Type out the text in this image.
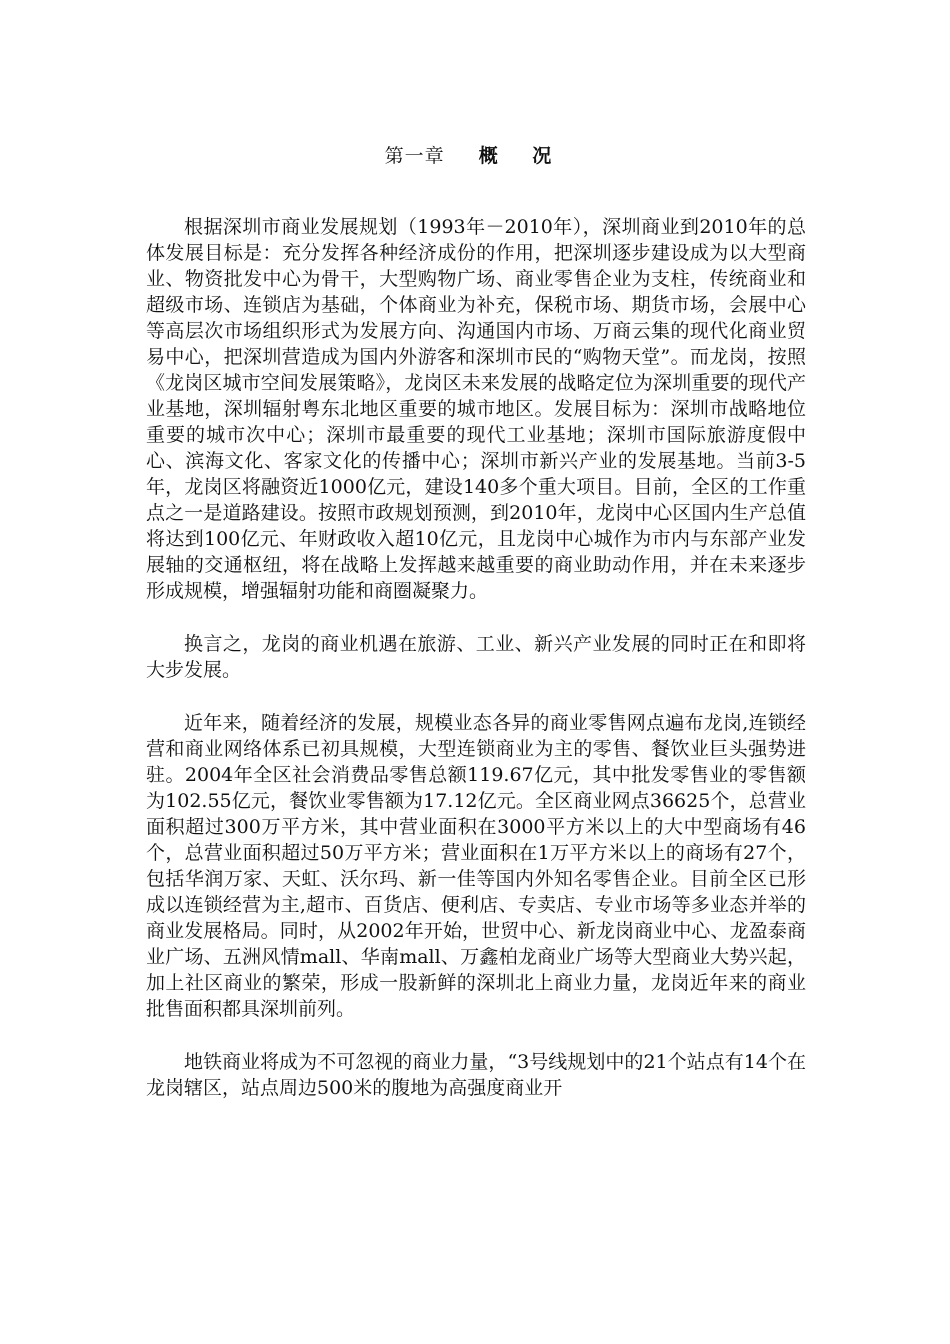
第一章 概 况

根据深圳市商业发展规划（1993年－2010年），深圳商业到2010年的总体发展目标是：充分发挥各种经济成份的作用，把深圳逐步建设成为以大型商业、物资批发中心为骨干，大型购物广场、商业零售企业为支柱，传统商业和超级市场、连锁店为基础，个体商业为补充，保税市场、期货市场，会展中心等高层次市场组织形式为发展方向、沟通国内市场、万商云集的现代化商业贸易中心，把深圳营造成为国内外游客和深圳市民的“购物天堂”。而龙岗，按照《龙岗区城市空间发展策略》，龙岗区未来发展的战略定位为深圳重要的现代产业基地，深圳辐射粤东北地区重要的城市地区。发展目标为：深圳市战略地位重要的城市次中心；深圳市最重要的现代工业基地；深圳市国际旅游度假中心、滨海文化、客家文化的传播中心；深圳市新兴产业的发展基地。当前3-5年，龙岗区将融资近1000亿元，建设140多个重大项目。目前，全区的工作重点之一是道路建设。按照市政规划预测，到2010年，龙岗中心区国内生产总值将达到100亿元、年财政收入超10亿元，且龙岗中心城作为市内与东部产业发展轴的交通枢纽，将在战略上发挥越来越重要的商业助动作用，并在未来逐步形成规模，增强辐射功能和商圈凝聚力。

换言之，龙岗的商业机遇在旅游、工业、新兴产业发展的同时正在和即将大步发展。

近年来，随着经济的发展，规模业态各异的商业零售网点遍布龙岗,连锁经营和商业网络体系已初具规模，大型连锁商业为主的零售、餐饮业巨头强势进驻。2004年全区社会消费品零售总额119.67亿元，其中批发零售业的零售额为102.55亿元，餐饮业零售额为17.12亿元。全区商业网点36625个，总营业面积超过300万平方米，其中营业面积在3000平方米以上的大中型商场有46个，总营业面积超过50万平方米；营业面积在1万平方米以上的商场有27个，包括华润万家、天虹、沃尔玛、新一佳等国内外知名零售企业。目前全区已形成以连锁经营为主,超市、百货店、便利店、专卖店、专业市场等多业态并举的商业发展格局。同时，从2002年开始，世贸中心、新龙岗商业中心、龙盈泰商业广场、五洲风情mall、华南mall、万鑫柏龙商业广场等大型商业大势兴起，加上社区商业的繁荣，形成一股新鲜的深圳北上商业力量，龙岗近年来的商业批售面积都具深圳前列。

地铁商业将成为不可忽视的商业力量，“3号线规划中的21个站点有14个在龙岗辖区，站点周边500米的腹地为高强度商业开
